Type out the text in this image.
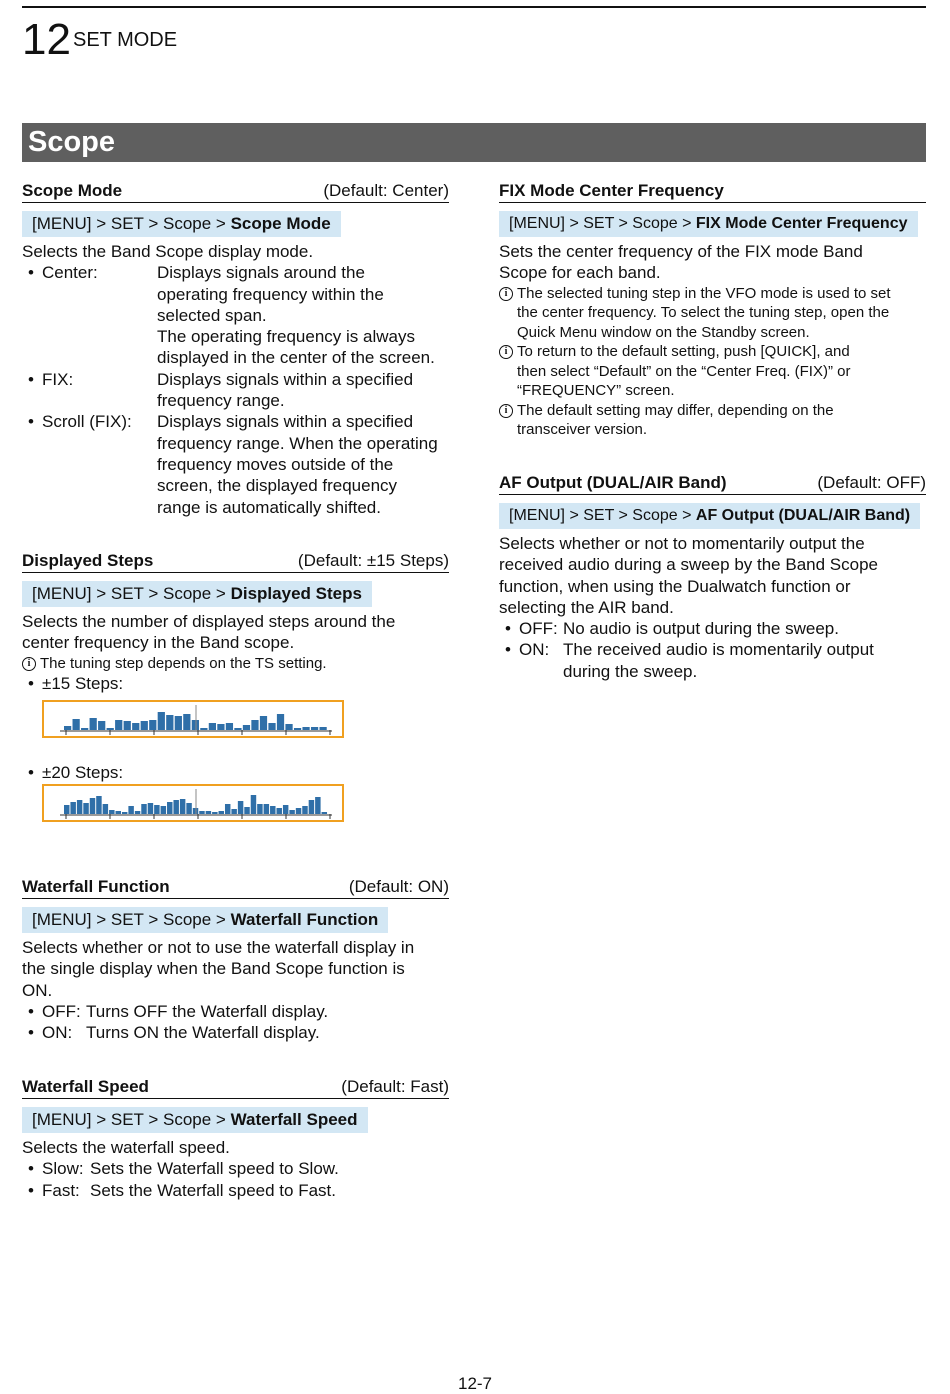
12 SET MODE
Scope
Scope Mode	(Default: Center)
[MENU] > SET > Scope > Scope Mode
Selects the Band Scope display mode.
• Center:	Displays signals around the
operating frequency within the
selected span.
The operating frequency is always
displayed in the center of the screen.
• FIX:	Displays signals within a specified
frequency range.
• Scroll (FIX): Displays signals within a specified
frequency range. When the operating
frequency moves outside of the
screen, the displayed frequency
range is automatically shifted.
Displayed Steps	(Default: ±15 Steps)
[MENU] > SET > Scope > Displayed Steps
Selects the number of displayed steps around the
center frequency in the Band scope.
i The tuning step depends on the TS setting.
• ±15 Steps:
• ±20 Steps:
Waterfall Function	(Default: ON)
[MENU] > SET > Scope > Waterfall Function
Selects whether or not to use the waterfall display in
the single display when the Band Scope function is
ON.
• OFF: Turns OFF the Waterfall display.
• ON: Turns ON the Waterfall display.
Waterfall Speed	(Default: Fast)
[MENU] > SET > Scope > Waterfall Speed
Selects the waterfall speed.
• Slow: Sets the Waterfall speed to Slow.
• Fast: Sets the Waterfall speed to Fast.
FIX Mode Center Frequency
[MENU] > SET > Scope > FIX Mode Center Frequency
Sets the center frequency of the FIX mode Band
Scope for each band.
i The selected tuning step in the VFO mode is used to set
the center frequency. To select the tuning step, open the
Quick Menu window on the Standby screen.
i To return to the default setting, push [QUICK], and
then select “Default” on the “Center Freq. (FIX)” or
“FREQUENCY” screen.
i The default setting may differ, depending on the
transceiver version.
AF Output (DUAL/AIR Band)	(Default: OFF)
[MENU] > SET > Scope > AF Output (DUAL/AIR Band)
Selects whether or not to momentarily output the
received audio during a sweep by the Band Scope
function, when using the Dualwatch function or
selecting the AIR band.
• OFF: No audio is output during the sweep.
• ON: The received audio is momentarily output
during the sweep.
12-7
